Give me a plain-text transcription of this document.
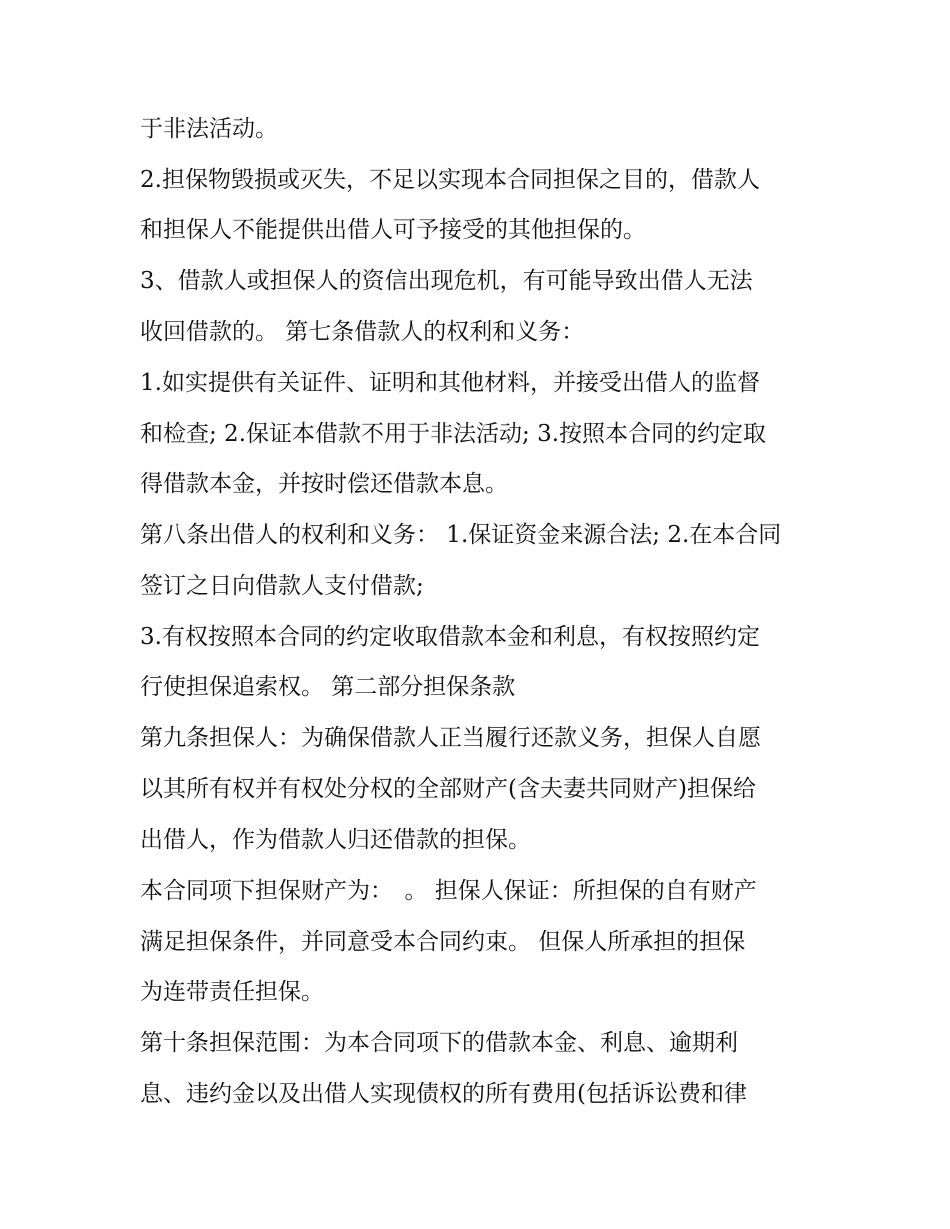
于非法活动。
2.担保物毁损或灭失，不足以实现本合同担保之目的，借款人
和担保人不能提供出借人可予接受的其他担保的。
3、借款人或担保人的资信出现危机，有可能导致出借人无法
收回借款的。 第七条借款人的权利和义务：
1.如实提供有关证件、证明和其他材料，并接受出借人的监督
和检查; 2.保证本借款不用于非法活动; 3.按照本合同的约定取
得借款本金，并按时偿还借款本息。
第八条出借人的权利和义务： 1.保证资金来源合法; 2.在本合同
签订之日向借款人支付借款;
3.有权按照本合同的约定收取借款本金和利息，有权按照约定
行使担保追索权。 第二部分担保条款
第九条担保人：为确保借款人正当履行还款义务，担保人自愿
以其所有权并有权处分权的全部财产(含夫妻共同财产)担保给
出借人，作为借款人归还借款的担保。
本合同项下担保财产为：　。 担保人保证：所担保的自有财产
满足担保条件，并同意受本合同约束。 但保人所承担的担保
为连带责任担保。
第十条担保范围：为本合同项下的借款本金、利息、逾期利
息、违约金以及出借人实现债权的所有费用(包括诉讼费和律
